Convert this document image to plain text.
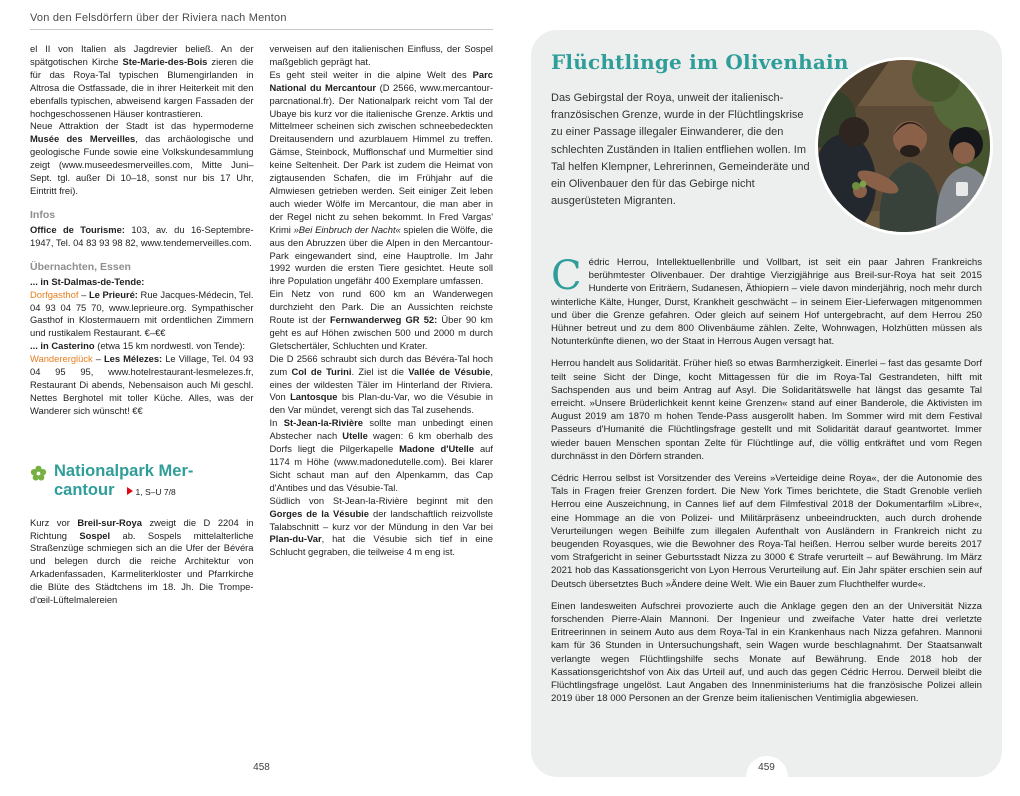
Von den Felsdörfern über der Riviera nach Menton

el II von Italien als Jagdrevier beließ. An der spätgotischen Kirche Ste-Marie-des-Bois zieren die für das Roya-Tal typischen Blumengirlanden in Altrosa die Ostfassade, die in ihrer Heiterkeit mit den ebenfalls typischen, abweisend kargen Fassaden der hochgeschossenen Häuser kontrastieren.

Neue Attraktion der Stadt ist das hypermoderne Musée des Merveilles, das archäologische und geologische Funde sowie eine Volkskundesammlung zeigt (www.museedesmerveilles.com, Mitte Juni–Sept. tgl. außer Di 10–18, sonst nur bis 17 Uhr, Eintritt frei).

Infos

Office de Tourisme: 103, av. du 16-Septembre-1947, Tel. 04 83 93 98 82, www.tendemerveilles.com.

Übernachten, Essen

... in St-Dalmas-de-Tende:

Dorfgasthof – Le Prieuré: Rue Jacques-Médecin, Tel. 04 93 04 75 70, www.leprieure.org. Sympathischer Gasthof in Klostermauern mit ordentlichen Zimmern und rustikalem Restaurant. €–€€

... in Casterino (etwa 15 km nordwestl. von Tende):

Wandererglück – Les Mélezes: Le Village, Tel. 04 93 04 95 95, www.hotelrestaurant-lesmelezes.fr, Restaurant Di abends, Nebensaison auch Mi geschl. Nettes Berghotel mit toller Küche. Alles, was der Wanderer sich wünscht! €€

Nationalpark Mer-
cantour 1, S–U 7/8

Kurz vor Breil-sur-Roya zweigt die D 2204 in Richtung Sospel ab. Sospels mittelalterliche Straßenzüge schmiegen sich an die Ufer der Bévéra und belegen durch die reiche Architektur von Arkadenfassaden, Karmeliterkloster und Pfarrkirche die Blüte des Städtchens im 18. Jh. Die Trompe-d'œil-Lüftelmalereien

verweisen auf den italienischen Einfluss, der Sospel maßgeblich geprägt hat.

Es geht steil weiter in die alpine Welt des Parc National du Mercantour (D 2566, www.mercantour-parcnational.fr). Der Nationalpark reicht vom Tal der Ubaye bis kurz vor die italienische Grenze. Arktis und Mittelmeer scheinen sich zwischen schneebedeckten Dreitausendern und azurblauem Himmel zu treffen. Gämse, Steinbock, Mufflonschaf und Murmeltier sind keine Seltenheit. Der Park ist zudem die Heimat von zigtausenden Schafen, die im Frühjahr auf die Almwiesen getrieben werden. Seit einiger Zeit leben auch wieder Wölfe im Mercantour, die man aber in der Regel nicht zu sehen bekommt. In Fred Vargas' Krimi »Bei Einbruch der Nacht« spielen die Wölfe, die aus den Abruzzen über die Alpen in den Mercantour-Park eingewandert sind, eine Hauptrolle. Im Jahr 1992 wurden die ersten Tiere gesichtet. Heute soll ihre Population ungefähr 400 Exemplare umfassen.

Ein Netz von rund 600 km an Wanderwegen durchzieht den Park. Die an Aussichten reichste Route ist der Fernwanderweg GR 52: Über 90 km geht es auf Höhen zwischen 500 und 2000 m durch Gletschertäler, Schluchten und Krater.

Die D 2566 schraubt sich durch das Bévéra-Tal hoch zum Col de Turini. Ziel ist die Vallée de Vésubie, eines der wildesten Täler im Hinterland der Riviera. Von Lantosque bis Plan-du-Var, wo die Vésubie in den Var mündet, verengt sich das Tal zusehends.

In St-Jean-la-Rivière sollte man unbedingt einen Abstecher nach Utelle wagen: 6 km oberhalb des Dorfs liegt die Pilgerkapelle Madone d'Utelle auf 1174 m Höhe (www.madonedutelle.com). Bei klarer Sicht schaut man auf den Alpenkamm, das Cap d'Antibes und das Vésubie-Tal.

Südlich von St-Jean-la-Rivière beginnt mit den Gorges de la Vésubie der landschaftlich reizvollste Talabschnitt – kurz vor der Mündung in den Var bei Plan-du-Var, hat die Vésubie sich tief in eine Schlucht gegraben, die teilweise 4 m eng ist.

458
Flüchtlinge im Olivenhain

Das Gebirgstal der Roya, unweit der italienisch-französischen Grenze, wurde in der Flüchtlingskrise zu einer Passage illegaler Einwanderer, die den schlechten Zuständen in Italien entfliehen wollen. Im Tal helfen Klempner, Lehrerinnen, Gemeinderäte und ein Olivenbauer den für das Gebirge nicht ausgerüsteten Migranten.

Cédric Herrou, Intellektuellenbrille und Vollbart, ist seit ein paar Jahren Frankreichs berühmtester Olivenbauer. Der drahtige Vierzigjährige aus Breil-sur-Roya hat seit 2015 Hunderte von Eriträern, Sudanesen, Äthiopiern – viele davon minderjährig, noch mehr durch winterliche Kälte, Hunger, Durst, Krankheit geschwächt – in seinem Eier-Lieferwagen mitgenommen und über die Grenze gefahren. Oder gleich auf seinem Hof untergebracht, auf dem Herrou 250 Hühner betreut und zu dem 800 Olivenbäume zählen. Zelte, Wohnwagen, Holzhütten müssen als Notunterkünfte dienen, wo der Staat in Herrous Augen versagt hat.

Herrou handelt aus Solidarität. Früher hieß so etwas Barmherzigkeit. Einerlei – fast das gesamte Dorf teilt seine Sicht der Dinge, kocht Mittagessen für die im Roya-Tal Gestrandeten, hilft mit Sachspenden aus und beim Antrag auf Asyl. Die Solidaritätswelle hat längst das gesamte Tal erreicht. »Unsere Brüderlichkeit kennt keine Grenzen« stand auf einer Banderole, die Aktivisten im August 2019 am 1870 m hohen Tende-Pass ausgerollt haben. Im Sommer wird mit dem Festival Passeurs d'Humanité die Flüchtlingsfrage gestellt und mit Solidarität darauf geantwortet. Immer wieder bauen Menschen spontan Zelte für Flüchtlinge auf, die völlig entkräftet und vom Regen durchnässt in den Dörfern stranden.

Cédric Herrou selbst ist Vorsitzender des Vereins »Verteidige deine Roya«, der die Autonomie des Tals in Fragen freier Grenzen fordert. Die New York Times berichtete, die Stadt Grenoble verlieh Herrou eine Auszeichnung, in Cannes lief auf dem Filmfestival 2018 der Dokumentarfilm »Libre«, eine Hommage an die von Polizei- und Militärpräsenz unbeeindruckten, auch durch drohende Verurteilungen wegen Beihilfe zum illegalen Aufenthalt von Ausländern in Frankreich nicht zu beugenden Royasques, wie die Bewohner des Roya-Tal heißen. Herrou selber wurde bereits 2017 vom Strafgericht in seiner Geburtsstadt Nizza zu 3000 € Strafe verurteilt – auf Bewährung. Im März 2021 hob das Kassationsgericht von Lyon Herrous Verurteilung auf. Ein Jahr später erschien sein auf Deutsch übersetztes Buch »Ändere deine Welt. Wie ein Bauer zum Fluchthelfer wurde«.

Einen landesweiten Aufschrei provozierte auch die Anklage gegen den an der Universität Nizza forschenden Pierre-Alain Mannoni. Der Ingenieur und zweifache Vater hatte drei verletzte Eritreerinnen in seinem Auto aus dem Roya-Tal in ein Krankenhaus nach Nizza gefahren. Mannoni kam für 36 Stunden in Untersuchungshaft, sein Wagen wurde beschlagnahmt. Der Staatsanwalt verlangte wegen Flüchtlingshilfe sechs Monate auf Bewährung. Ende 2018 hob der Kassationsgerichtshof von Aix das Urteil auf, und auch das gegen Cédric Herrou. Derweil bleibt die Flüchtlingsfrage ungelöst. Laut Angaben des Innenministeriums hat die französische Polizei allein 2019 über 18 000 Personen an der Grenze beim italienischen Ventimiglia abgewiesen.

459
